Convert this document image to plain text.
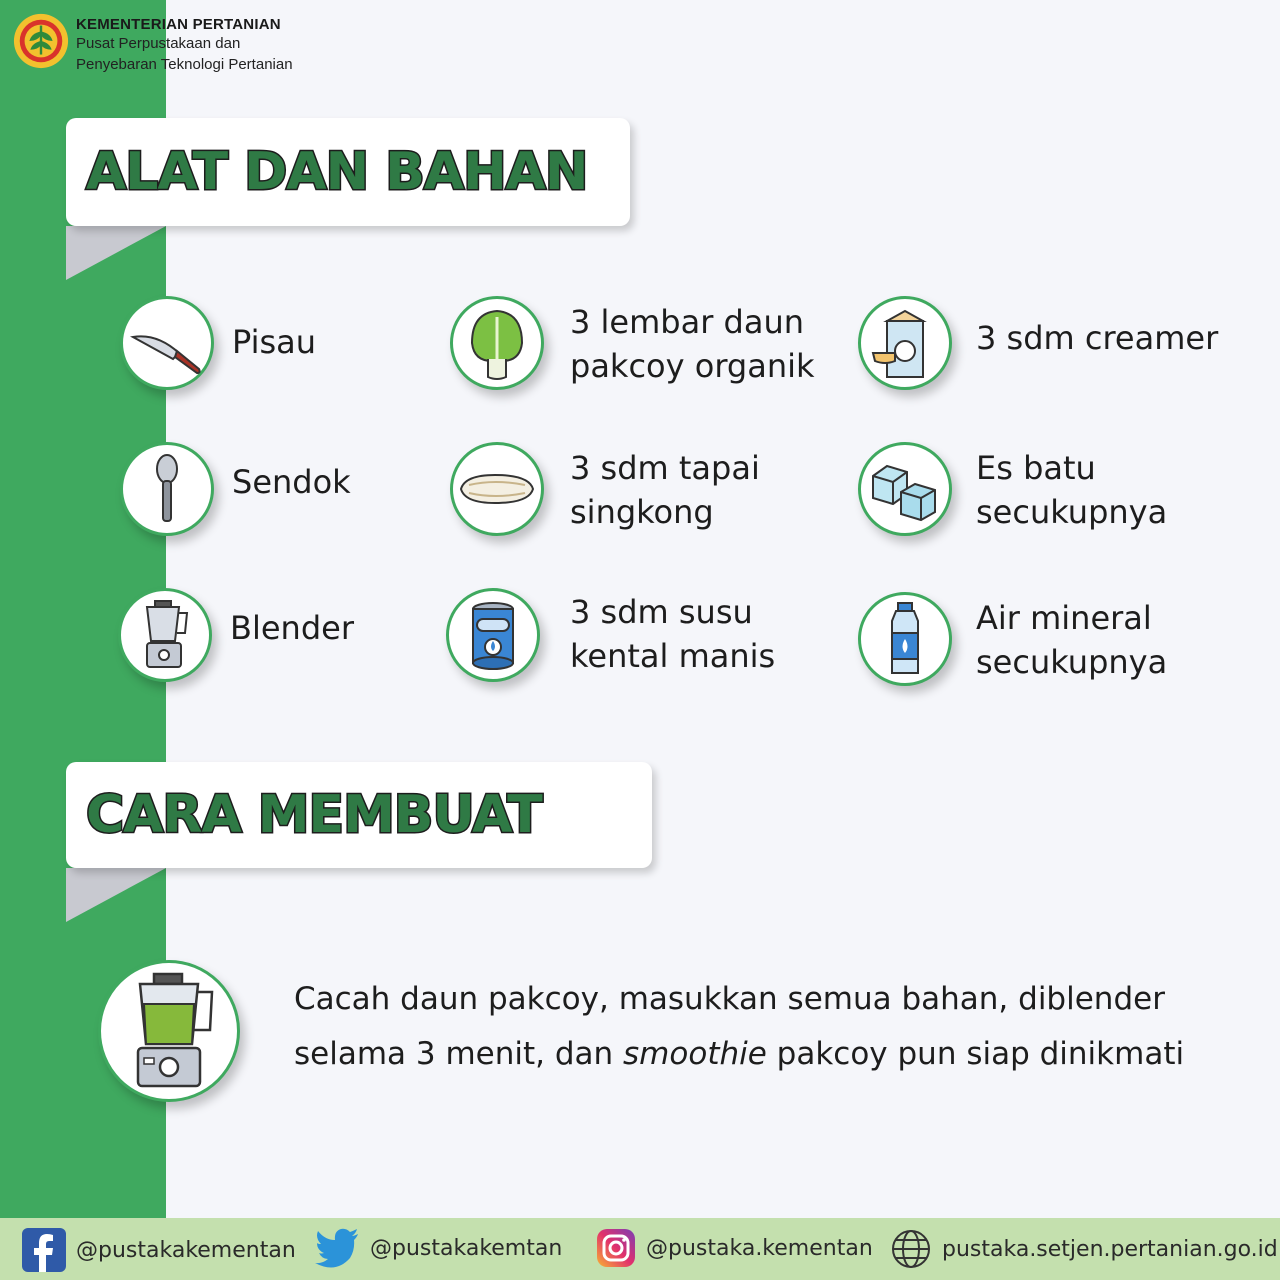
KEMENTERIAN PERTANIAN
Pusat Perpustakaan dan
Penyebaran Teknologi Pertanian
ALAT DAN BAHAN
Pisau
3 lembar daun
pakcoy organik
3 sdm creamer
Sendok	3 sdm tapai
singkong
Es batu
secukupnya
Blender	3 sdm susu
kental manis
Air mineral
secukupnya
CARA MEMBUAT
Cacah daun pakcoy, masukkan semua bahan, diblender
selama 3 menit, dan smoothie pakcoy pun siap dinikmati
@pustakakementan	@pustakakemtan	@pustaka.kementan	pustaka.setjen.pertanian.go.id
